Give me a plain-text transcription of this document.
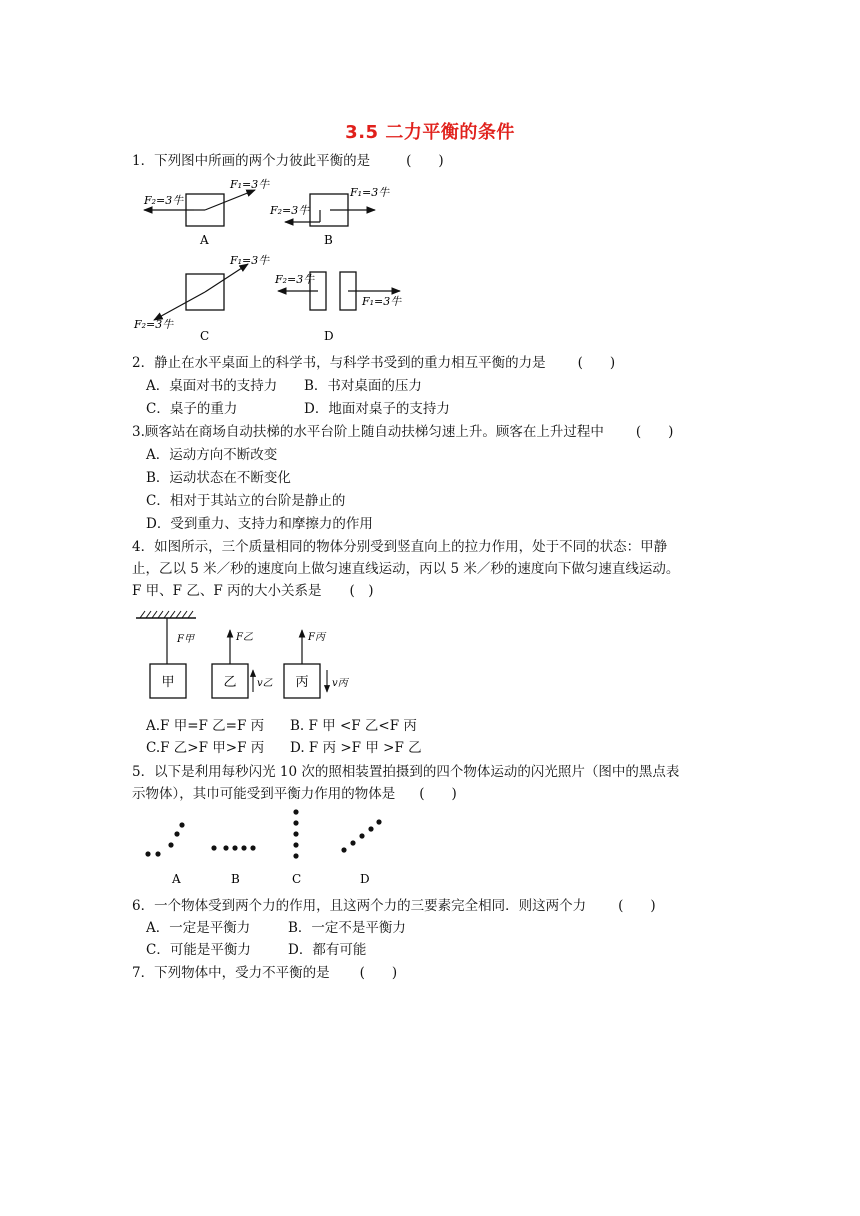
3.5 二力平衡的条件
1．下列图中所画的两个力彼此平衡的是	(　　)
F₂=3牛
F₁=3牛
A
F₁=3牛
F₂=3牛
B
F₁=3牛
F₂=3牛
C
F₂=3牛
F₁=3牛
D
2．静止在水平桌面上的科学书，与科学书受到的重力相互平衡的力是 (　　)
A．桌面对书的支持力 B．书对桌面的压力
C．桌子的重力	D．地面对桌子的支持力
3.顾客站在商场自动扶梯的水平台阶上随自动扶梯匀速上升。顾客在上升过程中 (　　)
A．运动方向不断改变
B．运动状态在不断变化
C．相对于其站立的台阶是静止的
D．受到重力、支持力和摩擦力的作用
4．如图所示，三个质量相同的物体分别受到竖直向上的拉力作用，处于不同的状态：甲静
止，乙以 5 米／秒的速度向上做匀速直线运动，丙以 5 米／秒的速度向下做匀速直线运动。
F 甲、F 乙、F 丙的大小关系是 (　)
F甲
甲
F乙
乙 v乙
F丙
丙 v丙
A.F 甲=F 乙=F 丙 B. F 甲 <F 乙<F 丙
C.F 乙>F 甲>F 丙 D. F 丙 >F 甲 >F 乙
5．以下是利用每秒闪光 10 次的照相装置拍摄到的四个物体运动的闪光照片（图中的黑点表
示物体），其巾可能受到平衡力作用的物体是 (　　)
A	B	C	D
6．一个物体受到两个力的作用，且这两个力的三要素完全相同．则这两个力 (　　)
A．一定是平衡力	B．一定不是平衡力
C．可能是平衡力	D．都有可能
7．下列物体中，受力不平衡的是 (　　)
